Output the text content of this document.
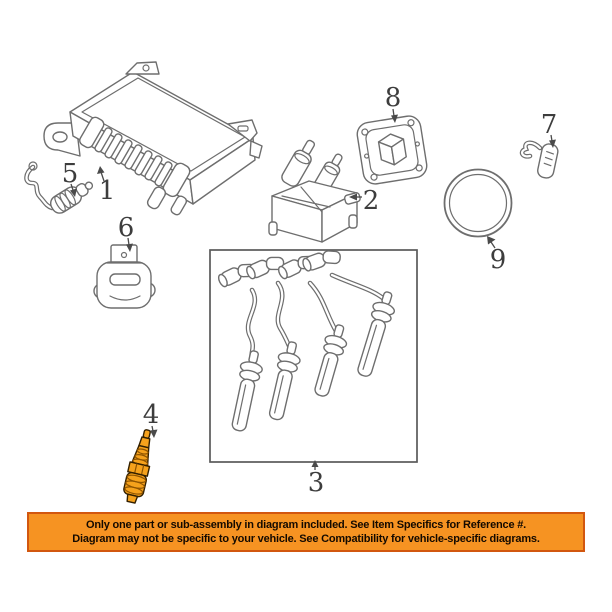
1	2
3
4
5
6
7
8
9
Only one part or sub-assembly in diagram included. See Item Specifics for Reference #.
Diagram may not be specific to your vehicle. See Compatibility for vehicle-specific diagrams.
